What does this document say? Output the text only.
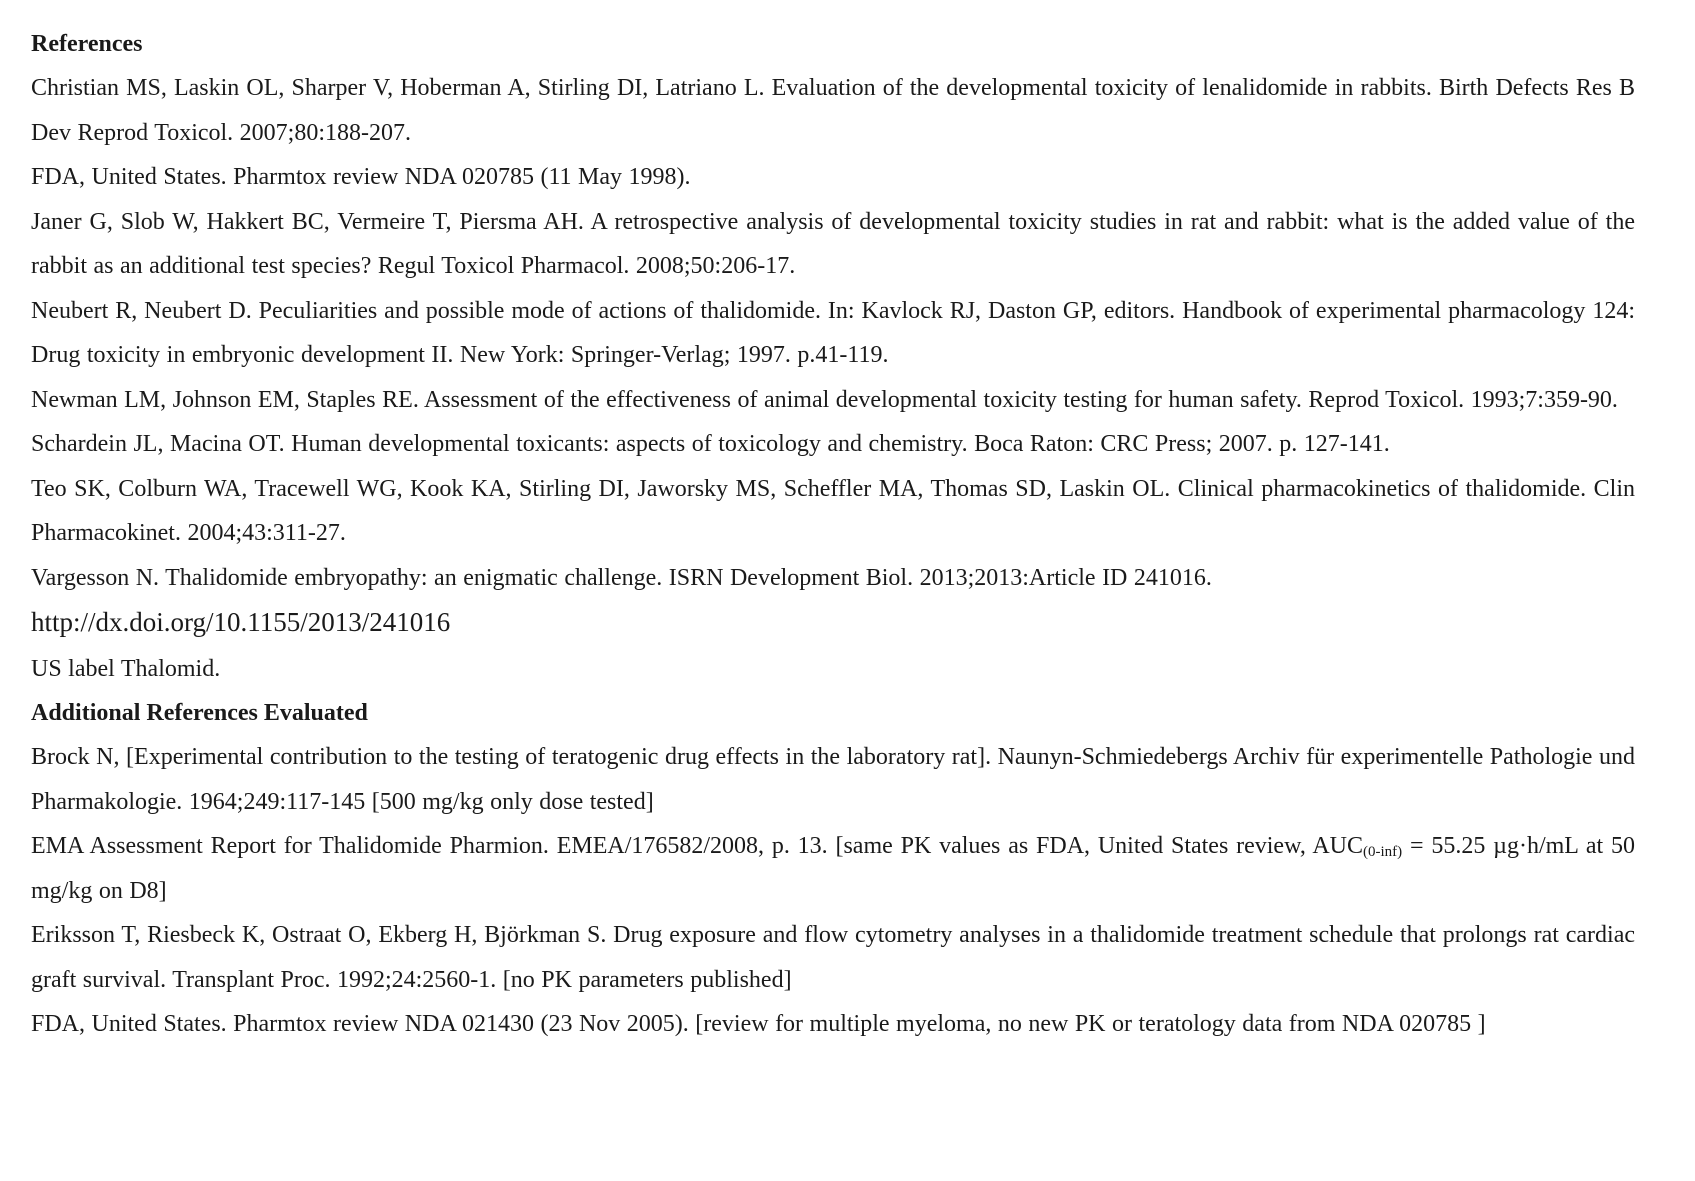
References

Christian MS, Laskin OL, Sharper V, Hoberman A, Stirling DI, Latriano L. Evaluation of the developmental toxicity of lenalidomide in rabbits. Birth Defects Res B Dev Reprod Toxicol. 2007;80:188-207.

FDA, United States. Pharmtox review NDA 020785 (11 May 1998).

Janer G, Slob W, Hakkert BC, Vermeire T, Piersma AH. A retrospective analysis of developmental toxicity studies in rat and rabbit: what is the added value of the rabbit as an additional test species? Regul Toxicol Pharmacol. 2008;50:206-17.

Neubert R, Neubert D. Peculiarities and possible mode of actions of thalidomide. In: Kavlock RJ, Daston GP, editors. Handbook of experimental pharmacology 124: Drug toxicity in embryonic development II. New York: Springer-Verlag; 1997. p.41-119.

Newman LM, Johnson EM, Staples RE. Assessment of the effectiveness of animal developmental toxicity testing for human safety. Reprod Toxicol. 1993;7:359-90.

Schardein JL, Macina OT. Human developmental toxicants: aspects of toxicology and chemistry. Boca Raton: CRC Press; 2007. p. 127-141.

Teo SK, Colburn WA, Tracewell WG, Kook KA, Stirling DI, Jaworsky MS, Scheffler MA, Thomas SD, Laskin OL. Clinical pharmacokinetics of thalidomide. Clin Pharmacokinet. 2004;43:311-27.

Vargesson N. Thalidomide embryopathy: an enigmatic challenge. ISRN Development Biol. 2013;2013:Article ID 241016.
http://dx.doi.org/10.1155/2013/241016

US label Thalomid.

Additional References Evaluated

Brock N, [Experimental contribution to the testing of teratogenic drug effects in the laboratory rat]. Naunyn-Schmiedebergs Archiv für experimentelle Pathologie und Pharmakologie. 1964;249:117-145 [500 mg/kg only dose tested]

EMA Assessment Report for Thalidomide Pharmion. EMEA/176582/2008, p. 13. [same PK values as FDA, United States review, $AUC_{(0-inf)} = 55.25$ µg·h/mL at 50 mg/kg on D8]

Eriksson T, Riesbeck K, Ostraat O, Ekberg H, Björkman S. Drug exposure and flow cytometry analyses in a thalidomide treatment schedule that prolongs rat cardiac graft survival. Transplant Proc. 1992;24:2560-1. [no PK parameters published]

FDA, United States. Pharmtox review NDA 021430 (23 Nov 2005). [review for multiple myeloma, no new PK or teratology data from NDA 020785 ]
